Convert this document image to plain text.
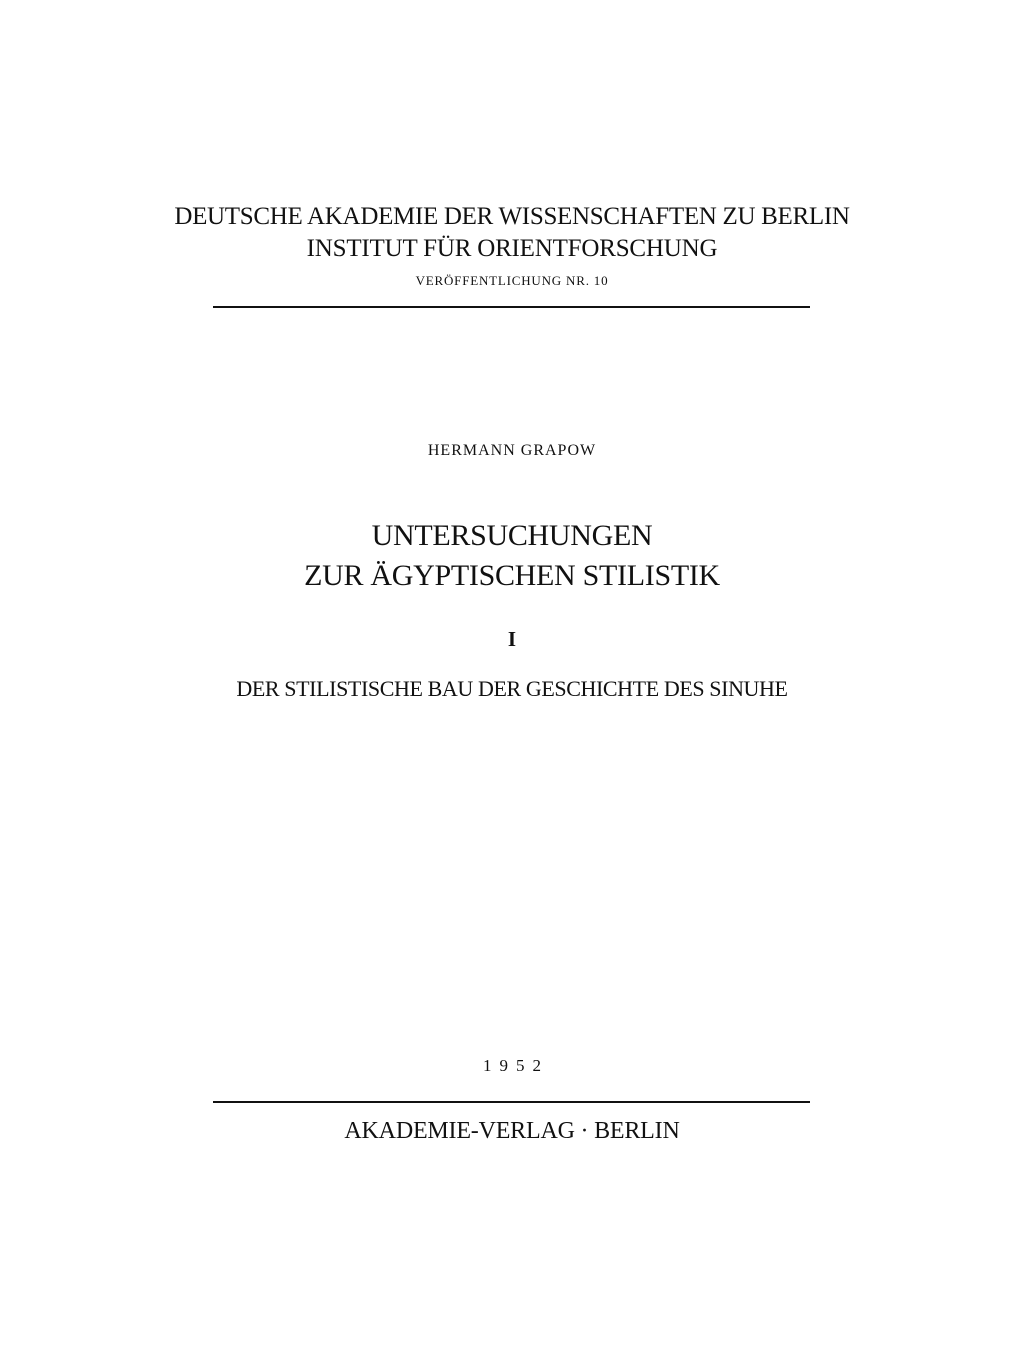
DEUTSCHE AKADEMIE DER WISSENSCHAFTEN ZU BERLIN

INSTITUT FÜR ORIENTFORSCHUNG

VERÖFFENTLICHUNG NR. 10

HERMANN GRAPOW

UNTERSUCHUNGEN
ZUR ÄGYPTISCHEN STILISTIK

I

DER STILISTISCHE BAU DER GESCHICHTE DES SINUHE

1952

AKADEMIE-VERLAG · BERLIN
